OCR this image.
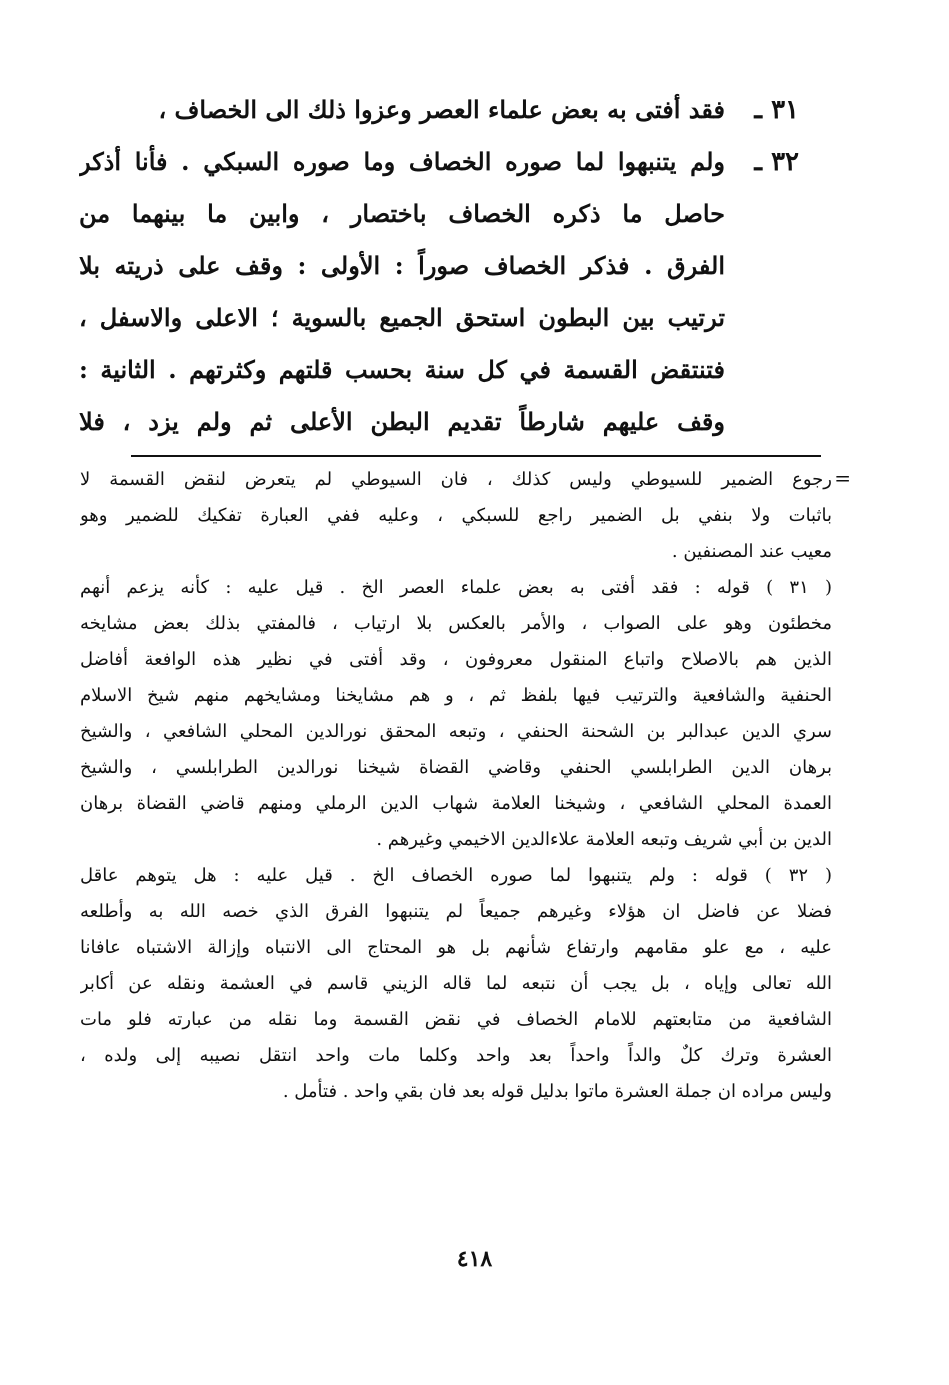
٣١ ـ
فقد أفتى به بعض علماء العصر وعزوا ذلك الى الخصاف ،
٣٢ ـ
ولم يتنبهوا لما صوره الخصاف وما صوره السبكي . فأنا أذكر
حاصل ما ذكره الخصاف باختصار ، وابين ما بينهما من
الفرق . فذكر الخصاف صوراً : الأولى : وقف على ذريته بلا
ترتيب بين البطون استحق الجميع بالسوية ؛ الاعلى والاسفل ،
فتنتقض القسمة في كل سنة بحسب قلتهم وكثرتهم . الثانية :
وقف عليهم شارطاً تقديم البطن الأعلى ثم ولم يزد ، فلا
=
رجوع الضمير للسيوطي وليس كذلك ، فان السيوطي لم يتعرض لنقض القسمة لا
باثبات ولا بنفي بل الضمير راجع للسبكي ، وعليه ففي العبارة تفكيك للضمير وهو
معيب عند المصنفين .
( ٣١ ) قوله : فقد أفتى به بعض علماء العصر الخ . قيل عليه : كأنه يزعم أنهم
مخطئون وهو على الصواب ، والأمر بالعكس بلا ارتياب ، فالمفتي بذلك بعض مشايخه
الذين هم بالاصلاح واتباع المنقول معروفون ، وقد أفتى في نظير هذه الوافعة أفاضل
الحنفية والشافعية والترتيب فيها بلفظ ثم ، و هم مشايخنا ومشايخهم منهم شيخ الاسلام
سري الدين عبدالبر بن الشحنة الحنفي ، وتبعه المحقق نورالدين المحلي الشافعي ، والشيخ
برهان الدين الطرابلسي الحنفي وقاضي القضاة شيخنا نورالدين الطرابلسي ، والشيخ
العمدة المحلي الشافعي ، وشيخنا العلامة شهاب الدين الرملي ومنهم قاضي القضاة برهان
الدين بن أبي شريف وتبعه العلامة علاءالدين الاخيمي وغيرهم .
( ٣٢ ) قوله : ولم يتنبهوا لما صوره الخصاف الخ . قيل عليه : هل يتوهم عاقل
فضلا عن فاضل ان هؤلاء وغيرهم جميعاً لم يتنبهوا الفرق الذي خصه الله به وأطلعه
عليه ، مع علو مقامهم وارتفاع شأنهم بل هو المحتاج الى الانتباه وإزالة الاشتباه عافانا
الله تعالى وإياه ، بل يجب أن نتبعه لما قاله الزيني قاسم في العشمة ونقله عن أكابر
الشافعية من متابعتهم للامام الخصاف في نقض القسمة وما نقله من عبارته فلو مات
العشرة وترك كلٌ والداً واحداً بعد واحد وكلما مات واحد انتقل نصيبه إلى ولده ،
وليس مراده ان جملة العشرة ماتوا بدليل قوله بعد فان بقي واحد . فتأمل .
٤١٨
